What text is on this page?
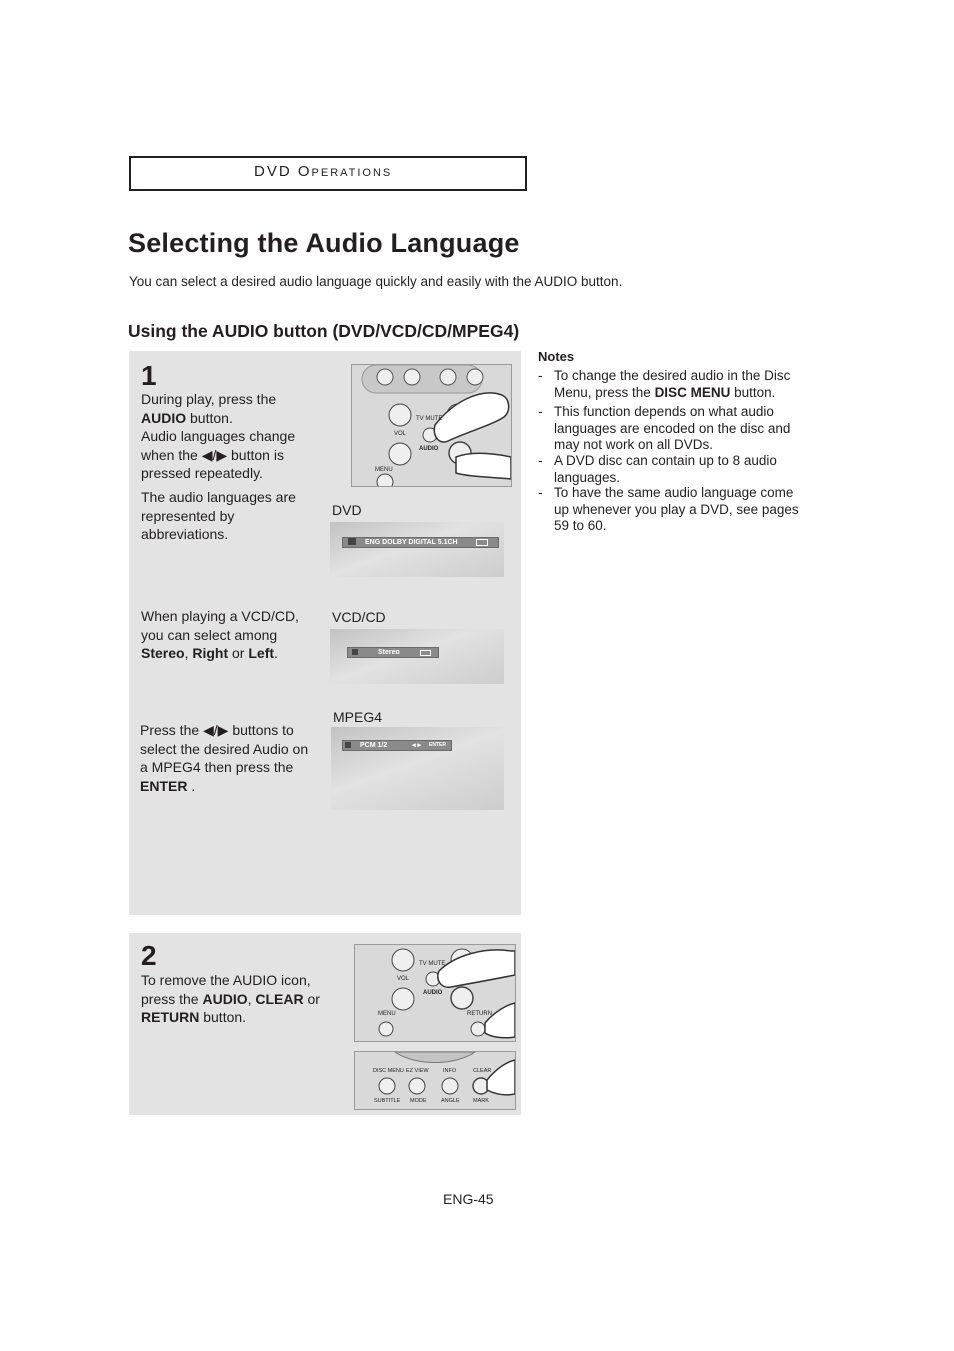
DVD OPERATIONS
Selecting the Audio Language
You can select a desired audio language quickly and easily with the AUDIO button.
Using the AUDIO button (DVD/VCD/CD/MPEG4)
1
During play, press the AUDIO button.
Audio languages change when the ◀/▶ button is pressed repeatedly.
The audio languages are represented by abbreviations.
When playing a VCD/CD, you can select among Stereo, Right or Left.
Press the ◀/▶ buttons to select the desired Audio on a MPEG4 then press the ENTER .
TV MUTE
VOL
AUDIO
MENU
DVD
ENG DOLBY DIGITAL 5.1CH
VCD/CD
Stereo
MPEG4
PCM 1/2	◂ ▸ ENTER
2
To remove the AUDIO icon, press the AUDIO, CLEAR or RETURN button.
TV MUTE
VOL
AUDIO
MENU	RETURN
DISC MENU EZ VIEW	INFO	CLEAR
SUBTITLE MODE	ANGLE MARK
Notes
- To change the desired audio in the Disc Menu, press the DISC MENU button.
- This function depends on what audio languages are encoded on the disc and may not work on all DVDs.
- A DVD disc can contain up to 8 audio languages.
- To have the same audio language come up whenever you play a DVD, see pages 59 to 60.
ENG-45
